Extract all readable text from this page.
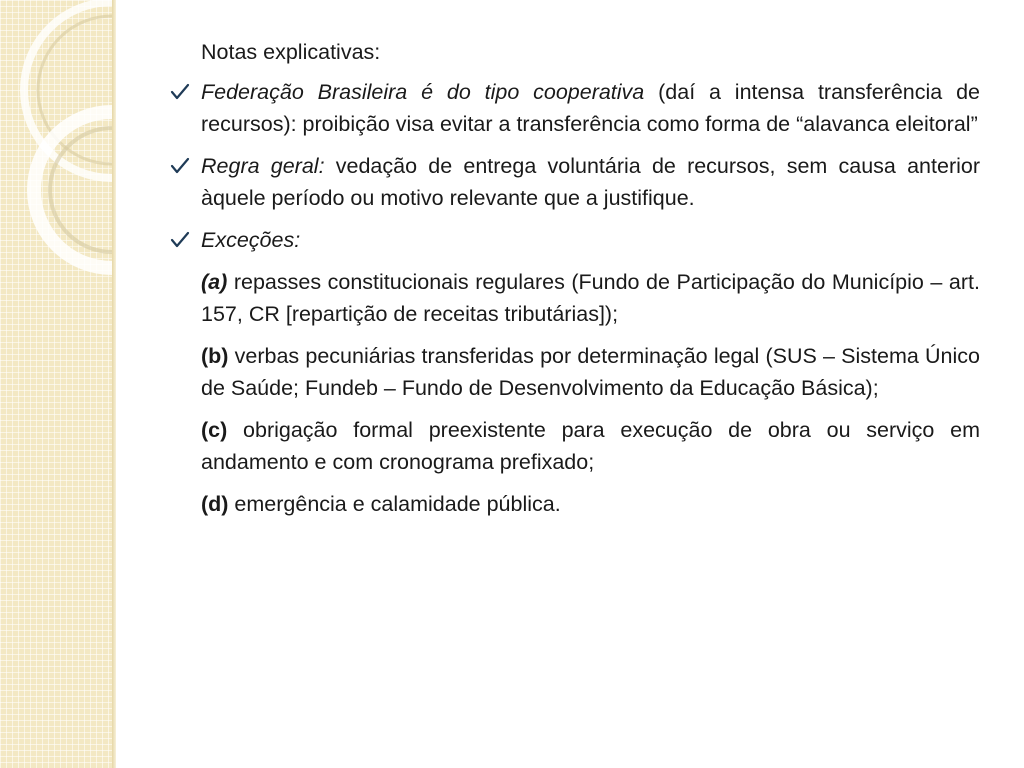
Notas explicativas:
Federação Brasileira é do tipo cooperativa (daí a intensa transferência de recursos): proibição visa evitar a transferência como forma de “alavanca eleitoral”
Regra geral: vedação de entrega voluntária de recursos, sem causa anterior àquele período ou motivo relevante que a justifique.
Exceções:
(a) repasses constitucionais regulares (Fundo de Participação do Município – art. 157, CR [repartição de receitas tributárias]);
(b) verbas pecuniárias transferidas por determinação legal (SUS – Sistema Único de Saúde; Fundeb – Fundo de Desenvolvimento da Educação Básica);
(c) obrigação formal preexistente para execução de obra ou serviço em andamento e com cronograma prefixado;
(d) emergência e calamidade pública.
